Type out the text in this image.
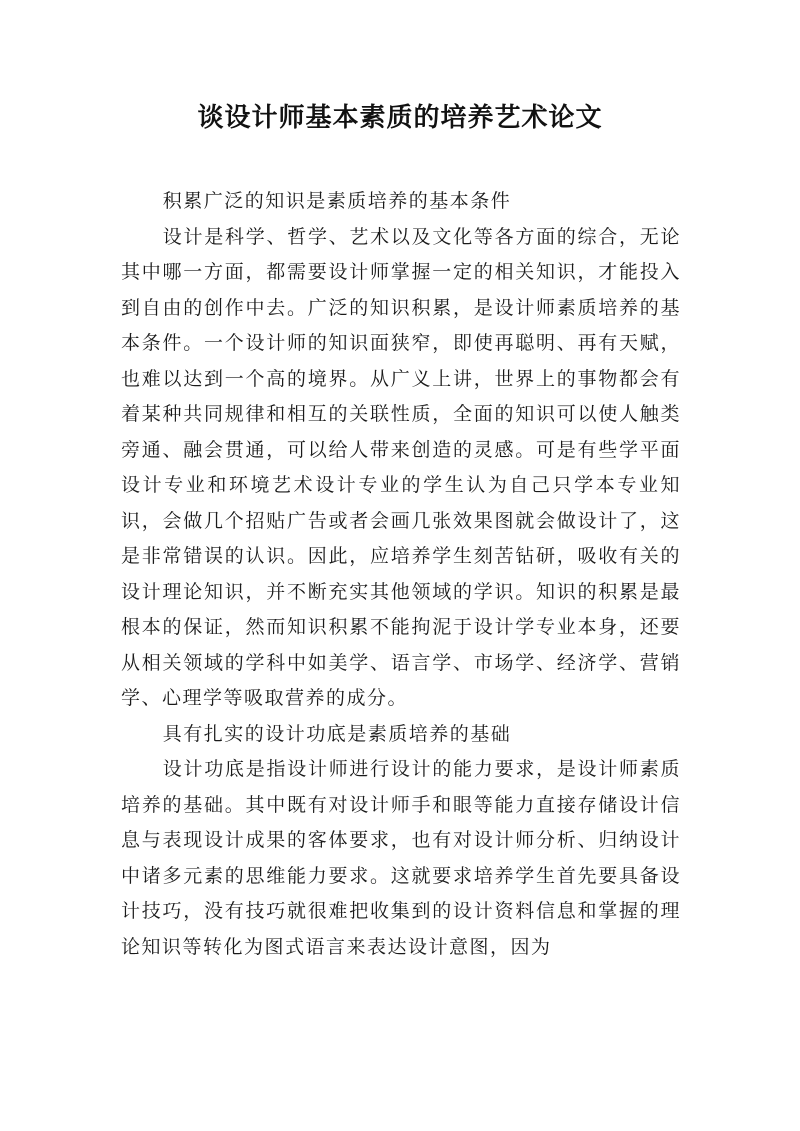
谈设计师基本素质的培养艺术论文

积累广泛的知识是素质培养的基本条件

设计是科学、哲学、艺术以及文化等各方面的综合，无论其中哪一方面，都需要设计师掌握一定的相关知识，才能投入到自由的创作中去。广泛的知识积累，是设计师素质培养的基本条件。一个设计师的知识面狭窄，即使再聪明、再有天赋，也难以达到一个高的境界。从广义上讲，世界上的事物都会有着某种共同规律和相互的关联性质，全面的知识可以使人触类旁通、融会贯通，可以给人带来创造的灵感。可是有些学平面设计专业和环境艺术设计专业的学生认为自己只学本专业知识，会做几个招贴广告或者会画几张效果图就会做设计了，这是非常错误的认识。因此，应培养学生刻苦钻研，吸收有关的设计理论知识，并不断充实其他领域的学识。知识的积累是最根本的保证，然而知识积累不能拘泥于设计学专业本身，还要从相关领域的学科中如美学、语言学、市场学、经济学、营销学、心理学等吸取营养的成分。

具有扎实的设计功底是素质培养的基础

设计功底是指设计师进行设计的能力要求，是设计师素质培养的基础。其中既有对设计师手和眼等能力直接存储设计信息与表现设计成果的客体要求，也有对设计师分析、归纳设计中诸多元素的思维能力要求。这就要求培养学生首先要具备设计技巧，没有技巧就很难把收集到的设计资料信息和掌握的理论知识等转化为图式语言来表达设计意图，因为
